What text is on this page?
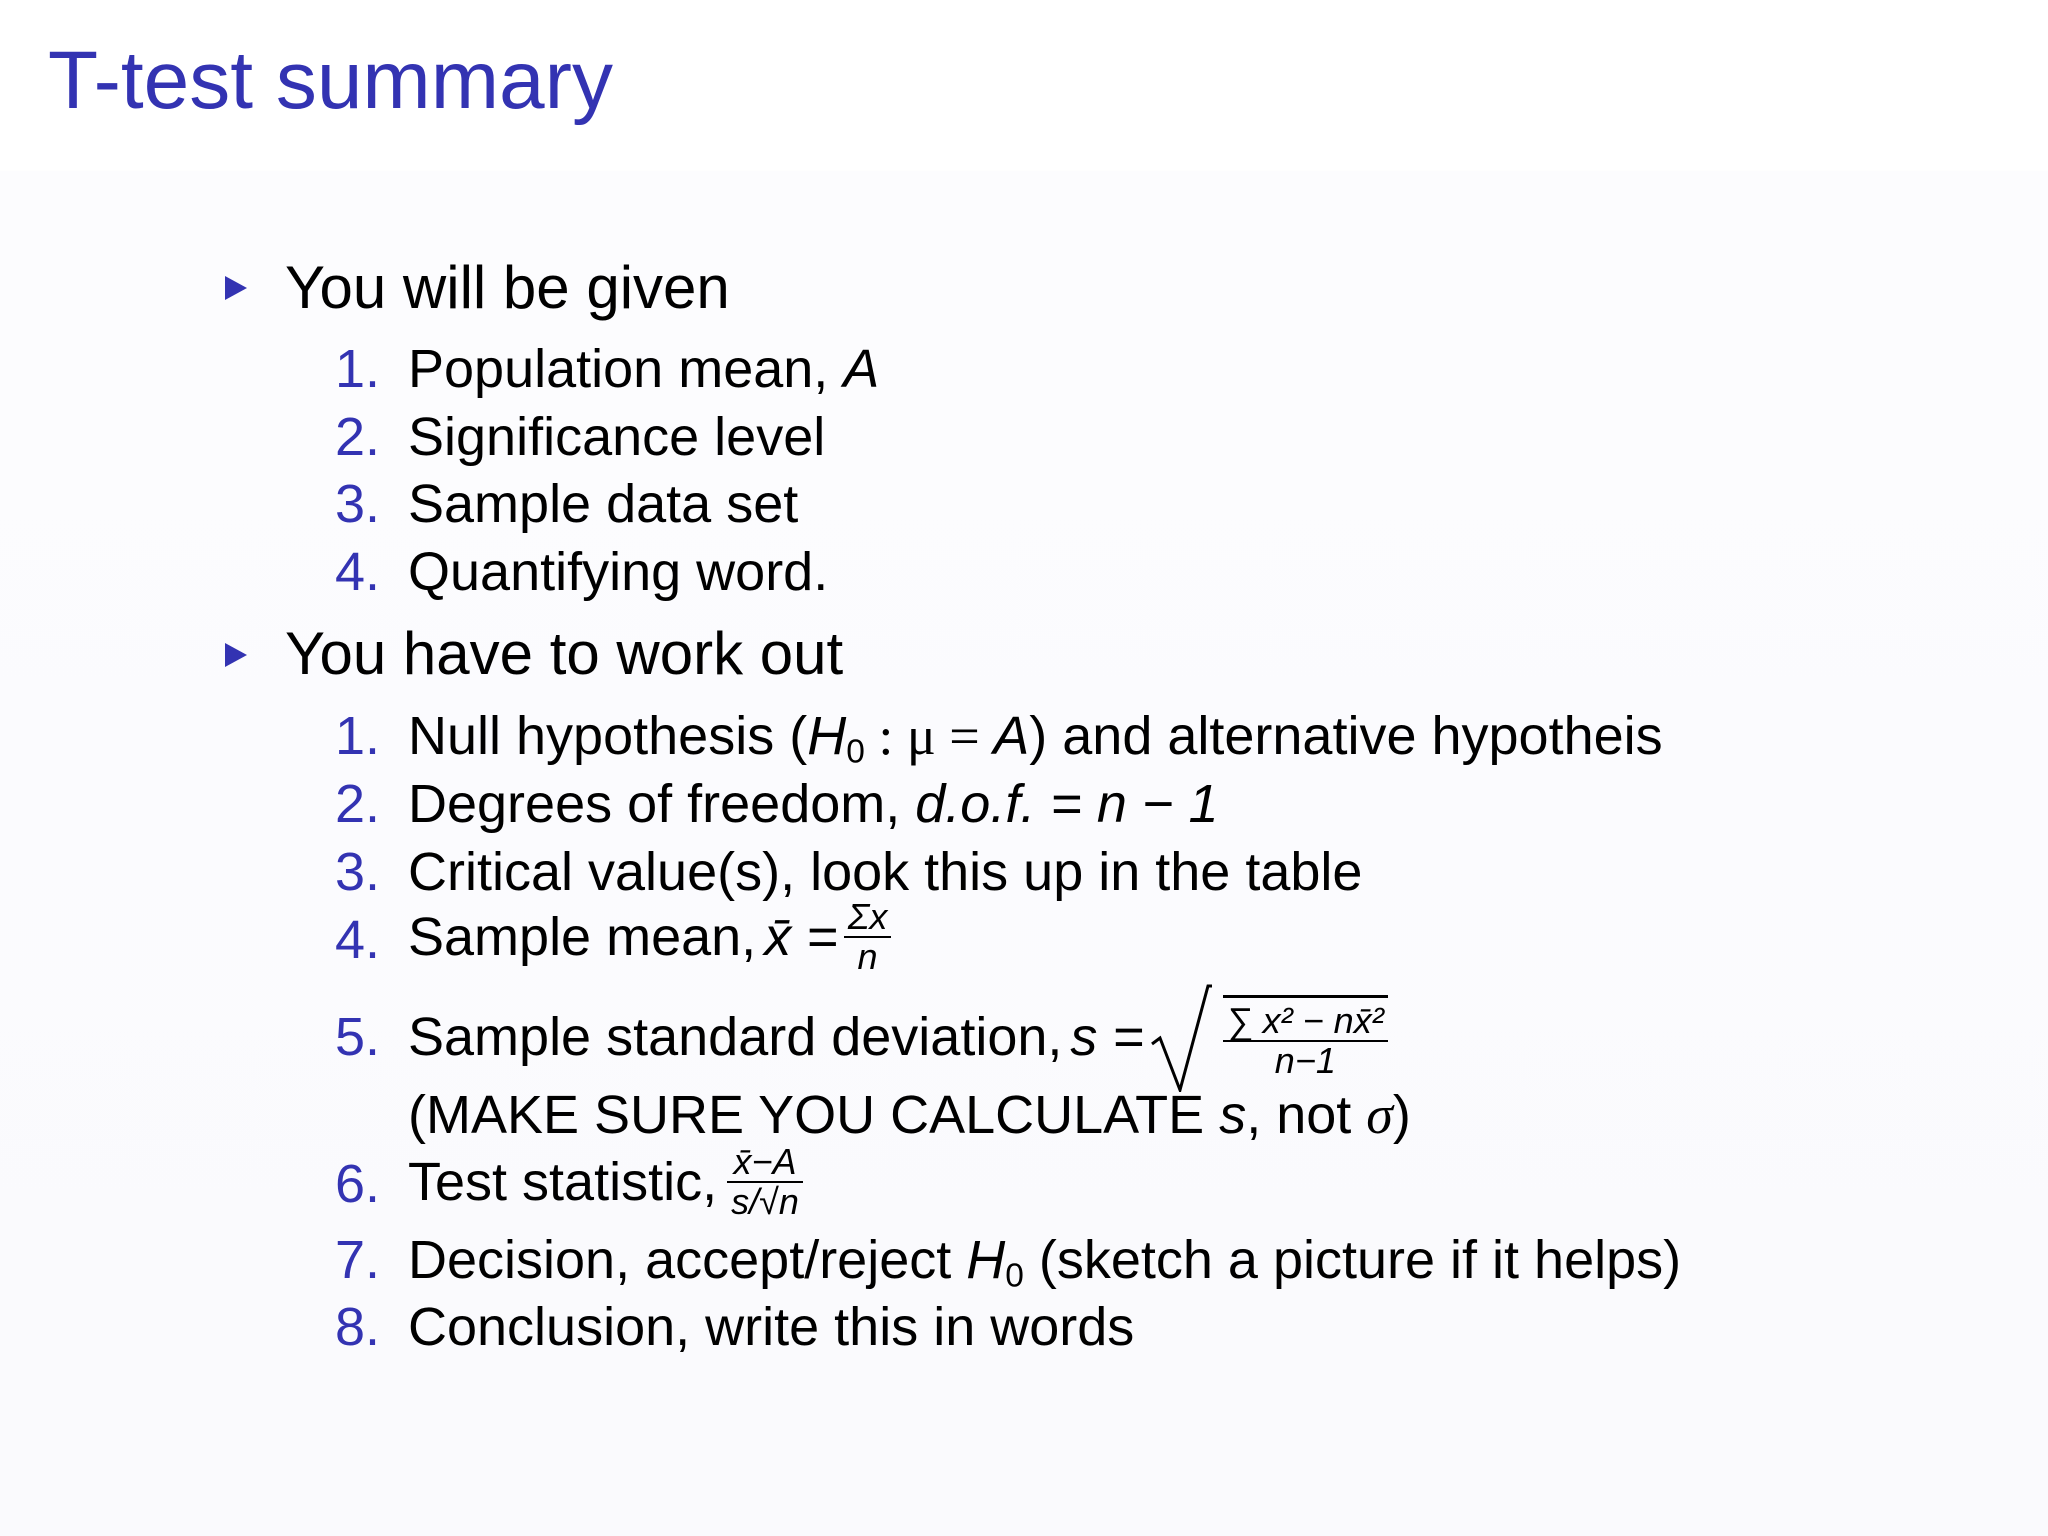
T-test summary
You will be given
1. Population mean, A
2. Significance level
3. Sample data set
4. Quantifying word.
You have to work out
1. Null hypothesis ($H_0$ : μ = A) and alternative hypotheis
2. Degrees of freedom, d.o.f. = n − 1
3. Critical value(s), look this up in the table
4. Sample mean, x̄ = $\frac{\Sigma x}{n}$
5. Sample standard deviation, s =
$\frac{\text{∑ x² − nx̄²}}{n-1}$
(MAKE SURE YOU CALCULATE s, not σ)
6. Test statistic, $\frac{x̄-A}{s/√n}$
7. Decision, accept/reject $H_0$ (sketch a picture if it helps)
8. Conclusion, write this in words
